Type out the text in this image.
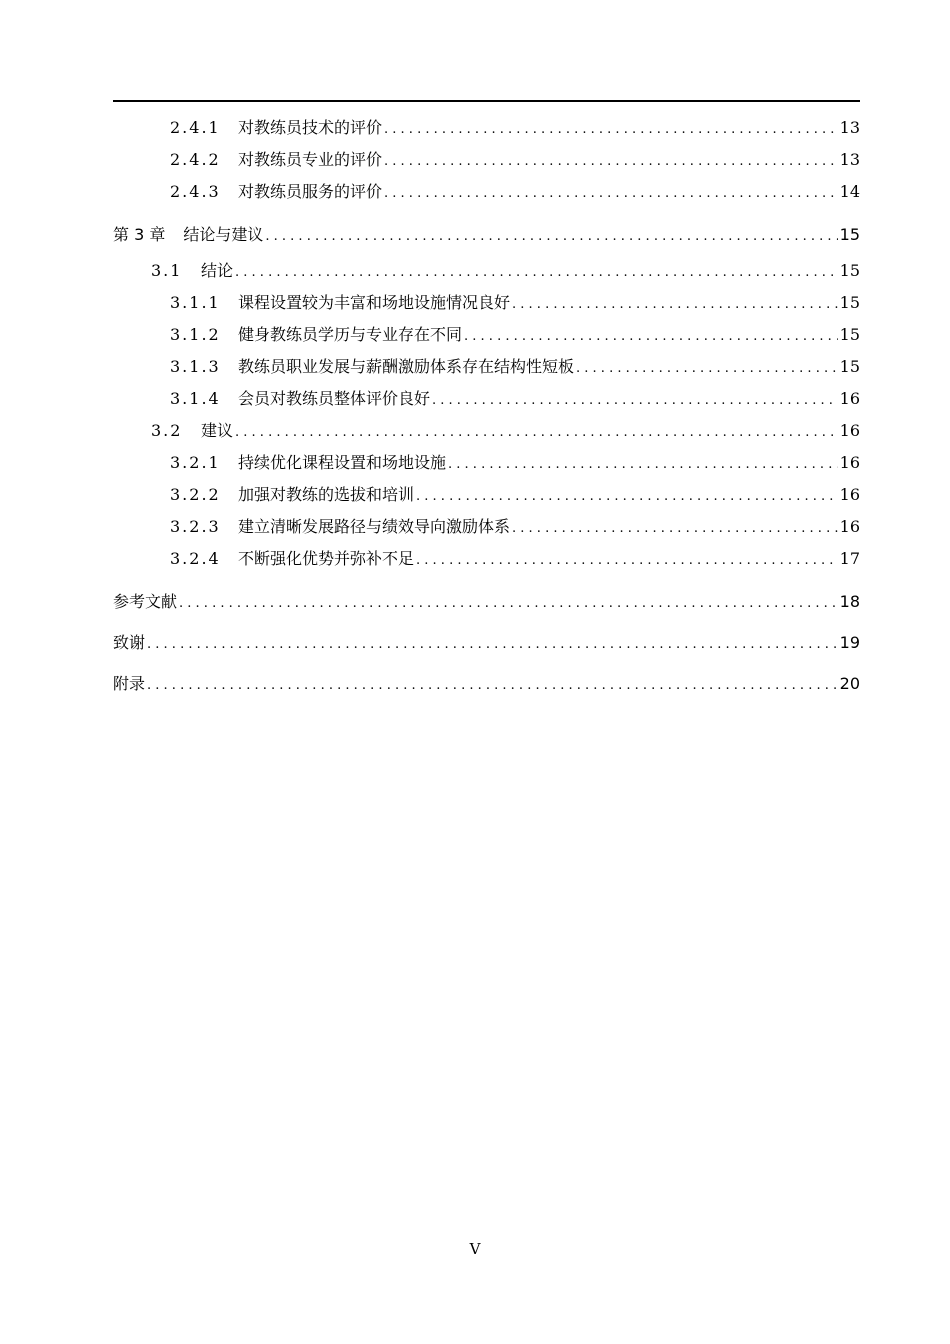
2.4.1	对教练员技术的评价 . . .	13
2.4.2	对教练员专业的评价 . . .	13
2.4.3	对教练员服务的评价 . . .	14
第 3 章 结论与建议 . . .	15
3.1	结论 . . .	15
3.1.1	课程设置较为丰富和场地设施情况良好 . . .	15
3.1.2	健身教练员学历与专业存在不同 . . .	15
3.1.3	教练员职业发展与薪酬激励体系存在结构性短板 . . .	15
3.1.4	会员对教练员整体评价良好 . . .	16
3.2	建议 . . .	16
3.2.1	持续优化课程设置和场地设施 . . .	16
3.2.2	加强对教练的选拔和培训 . . .	16
3.2.3	建立清晰发展路径与绩效导向激励体系 . . .	16
3.2.4	不断强化优势并弥补不足 . . .	17
参考文献 . . .	18
致谢 . . .	19
附录 . . .	20
V
